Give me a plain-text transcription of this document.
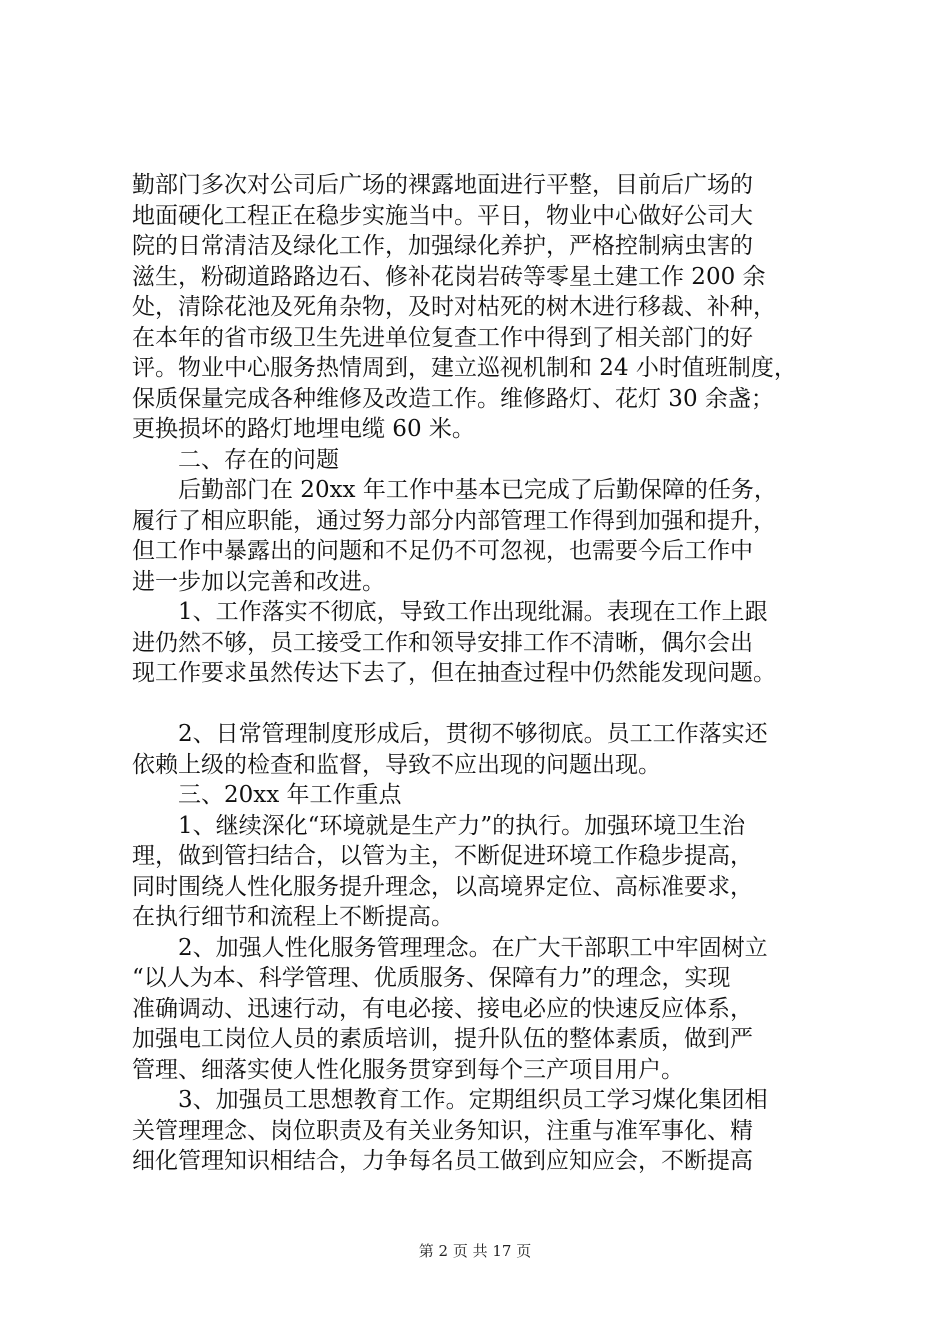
勤部门多次对公司后广场的裸露地面进行平整，目前后广场的
地面硬化工程正在稳步实施当中。平日，物业中心做好公司大
院的日常清洁及绿化工作，加强绿化养护，严格控制病虫害的
滋生，粉砌道路路边石、修补花岗岩砖等零星土建工作 200 余
处，清除花池及死角杂物，及时对枯死的树木进行移裁、补种，
在本年的省市级卫生先进单位复查工作中得到了相关部门的好
评。物业中心服务热情周到，建立巡视机制和 24 小时值班制度，
保质保量完成各种维修及改造工作。维修路灯、花灯 30 余盏；
更换损坏的路灯地埋电缆 60 米。
二、存在的问题
后勤部门在 20xx 年工作中基本已完成了后勤保障的任务，
履行了相应职能，通过努力部分内部管理工作得到加强和提升，
但工作中暴露出的问题和不足仍不可忽视，也需要今后工作中
进一步加以完善和改进。
1、工作落实不彻底，导致工作出现纰漏。表现在工作上跟
进仍然不够，员工接受工作和领导安排工作不清晰，偶尔会出
现工作要求虽然传达下去了，但在抽查过程中仍然能发现问题。
2、日常管理制度形成后，贯彻不够彻底。员工工作落实还
依赖上级的检查和监督，导致不应出现的问题出现。
三、20xx 年工作重点
1、继续深化“环境就是生产力”的执行。加强环境卫生治
理，做到管扫结合，以管为主，不断促进环境工作稳步提高，
同时围绕人性化服务提升理念，以高境界定位、高标准要求，
在执行细节和流程上不断提高。
2、加强人性化服务管理理念。在广大干部职工中牢固树立
“以人为本、科学管理、优质服务、保障有力”的理念，实现
准确调动、迅速行动，有电必接、接电必应的快速反应体系，
加强电工岗位人员的素质培训，提升队伍的整体素质，做到严
管理、细落实使人性化服务贯穿到每个三产项目用户。
3、加强员工思想教育工作。定期组织员工学习煤化集团相
关管理理念、岗位职责及有关业务知识，注重与准军事化、精
细化管理知识相结合，力争每名员工做到应知应会，不断提高
第 2 页 共 17 页
